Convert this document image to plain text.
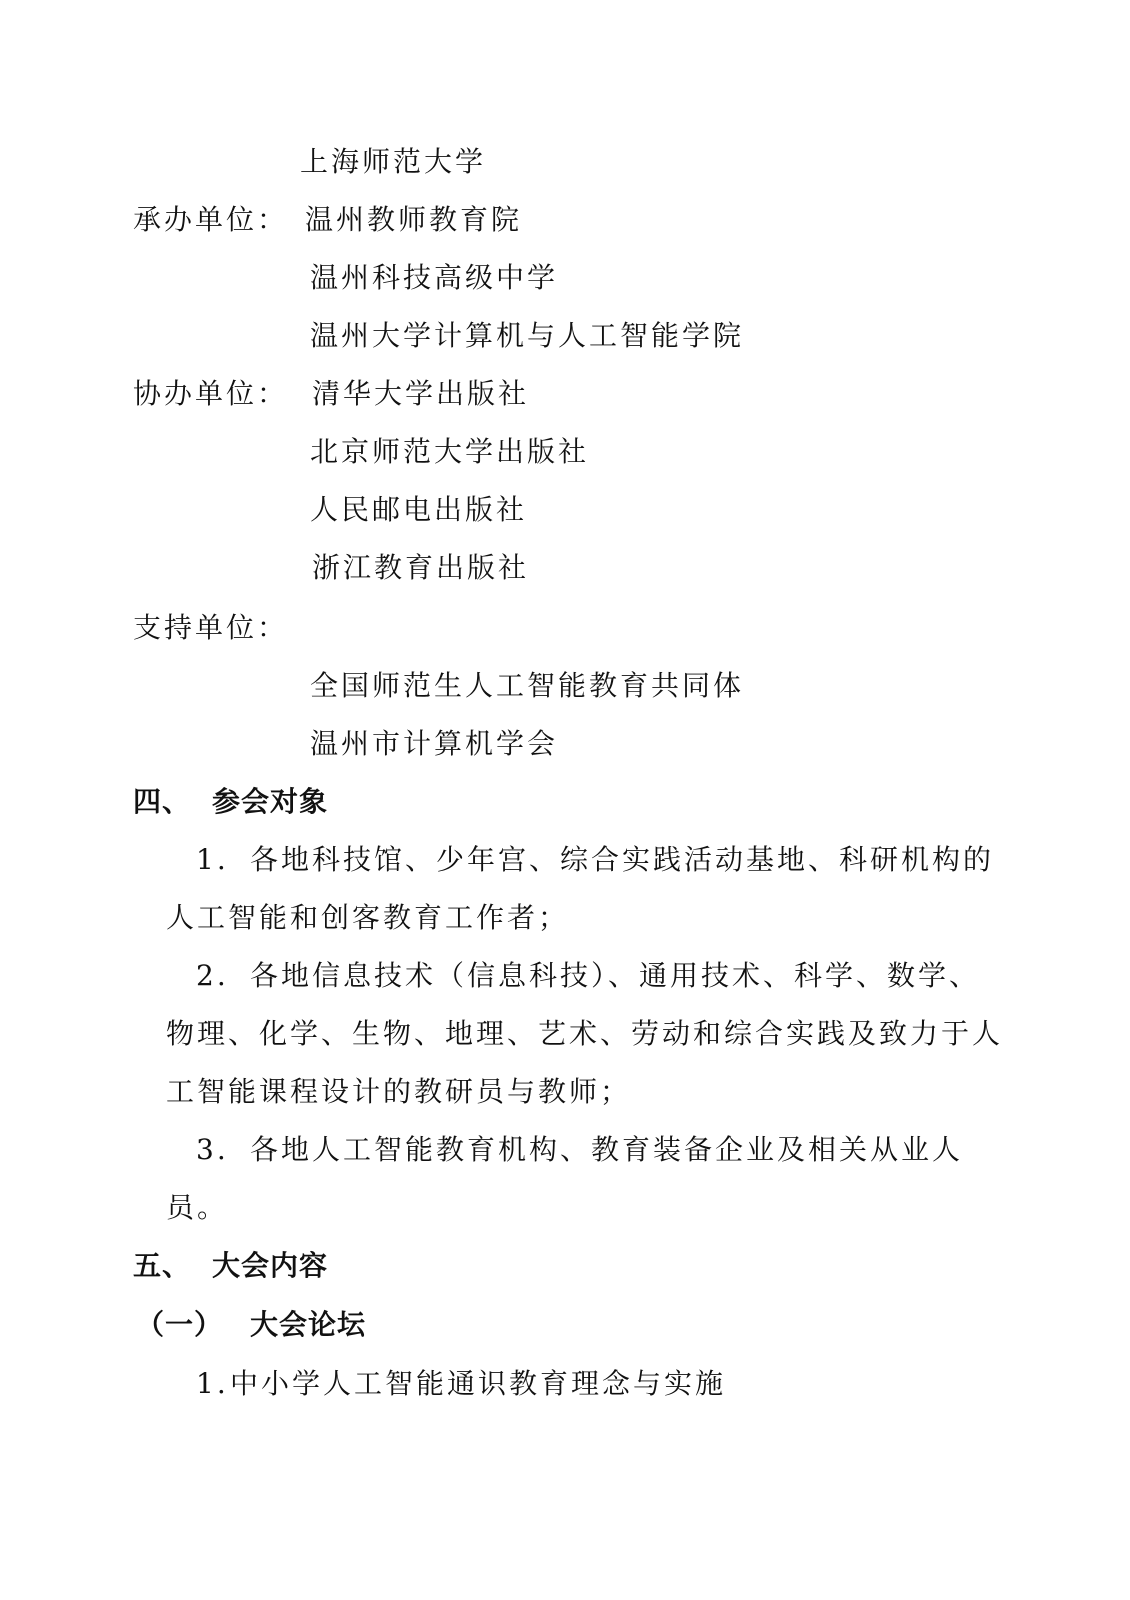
上海师范大学
承办单位： 温州教师教育院
温州科技高级中学
温州大学计算机与人工智能学院
协办单位： 清华大学出版社
北京师范大学出版社
人民邮电出版社
浙江教育出版社
支持单位：
全国师范生人工智能教育共同体
温州市计算机学会
四、 参会对象
1. 各地科技馆、少年宫、综合实践活动基地、科研机构的
人工智能和创客教育工作者；
2. 各地信息技术（信息科技）、通用技术、科学、数学、
物理、化学、生物、地理、艺术、劳动和综合实践及致力于人
工智能课程设计的教研员与教师；
3. 各地人工智能教育机构、教育装备企业及相关从业人
员。
五、 大会内容
（一） 大会论坛
1. 中小学人工智能通识教育理念与实施
